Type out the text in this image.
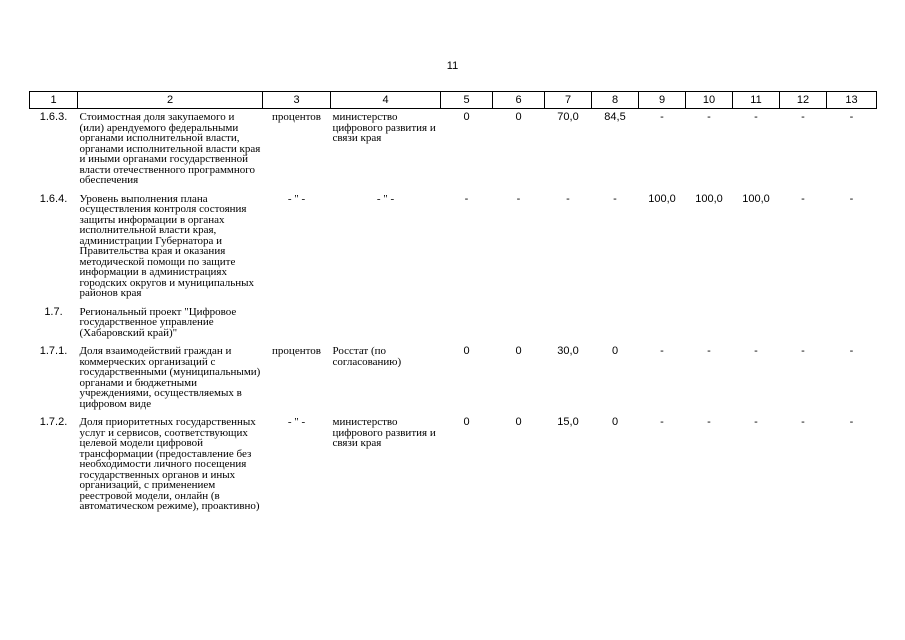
11
1	2	3	4	5	6	7	8	9	10	11	12	13
1.6.3.	Стоимостная доля закупаемого и (или) арендуемого федеральными органами исполнительной власти, органами исполнительной власти края и иными органами государственной власти отечественного программного обеспечения	процентов	министерство цифрового развития и связи края	0	0	70,0	84,5	-	-	-	-	-
1.6.4.	Уровень выполнения плана осуществления контроля состояния защиты информации в органах исполнительной власти края, администрации Губернатора и Правительства края и оказания методической помощи по защите информации в администрациях городских округов и муниципальных районов края	- " -	- " -	-	-	-	-	100,0	100,0	100,0	-	-
1.7.	Региональный проект "Цифровое государственное управление (Хабаровский край)"											
1.7.1.	Доля взаимодействий граждан и коммерческих организаций с государственными (муниципальными) органами и бюджетными учреждениями, осуществляемых в цифровом виде	процентов	Росстат (по согласованию)	0	0	30,0	0	-	-	-	-	-
1.7.2.	Доля приоритетных государственных услуг и сервисов, соответствующих целевой модели цифровой трансформации (предоставление без необходимости личного посещения государственных органов и иных организаций, с применением реестровой модели, онлайн (в автоматическом режиме), проактивно)	- " -	министерство цифрового развития и связи края	0	0	15,0	0	-	-	-	-	-
